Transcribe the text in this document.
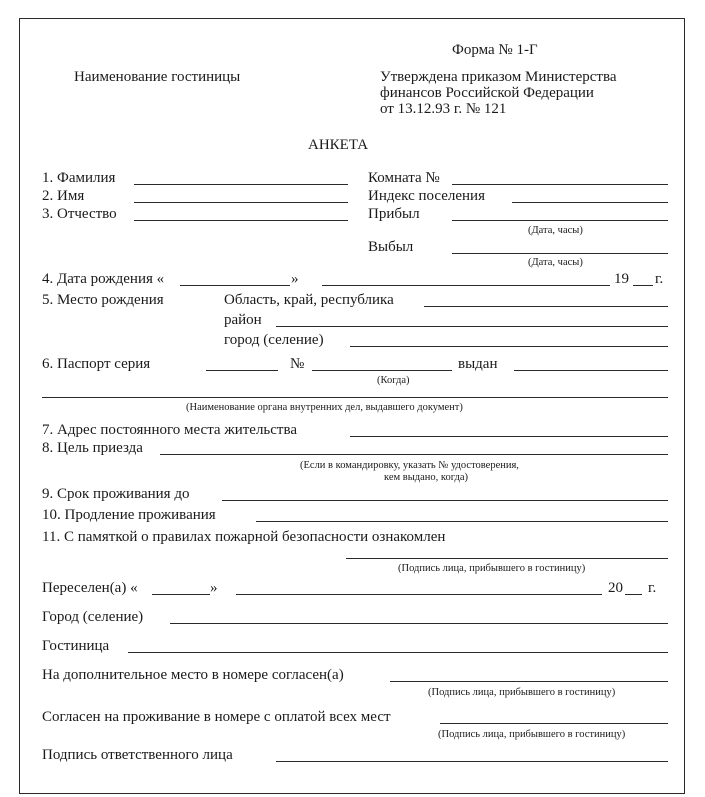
Форма № 1-Г
Наименование гостиницы	Утверждена приказом Министерства
финансов Российской Федерации
от 13.12.93 г. № 121
АНКЕТА
1. Фамилия	Комната №
2. Имя	Индекс поселения
3. Отчество	Прибыл
(Дата, часы)
Выбыл
(Дата, часы)
4. Дата рождения «	»	19 г.
5. Место рождения	Область, край, республика
район
город (селение)
6. Паспорт серия	№	выдан
(Когда)
(Наименование органа внутренних дел, выдавшего документ)
7. Адрес постоянного места жительства
8. Цель приезда
(Если в командировку, указать № удостоверения,
кем выдано, когда)
9. Срок проживания до
10. Продление проживания
11. С памяткой о правилах пожарной безопасности ознакомлен
(Подпись лица, прибывшего в гостиницу)
Переселен(а) «	»	20 г.
Город (селение)
Гостиница
На дополнительное место в номере согласен(а)
(Подпись лица, прибывшего в гостиницу)
Согласен на проживание в номере с оплатой всех мест
(Подпись лица, прибывшего в гостиницу)
Подпись ответственного лица
